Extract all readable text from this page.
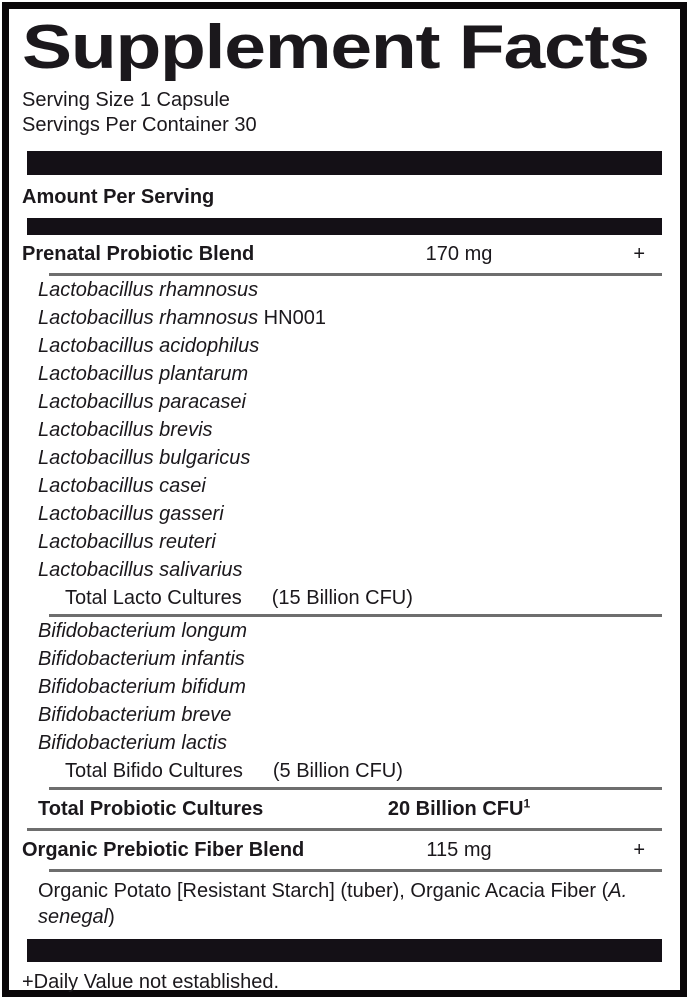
Supplement Facts
Serving Size 1 Capsule
Servings Per Container 30
Amount Per Serving
Prenatal Probiotic Blend	170 mg	+
Lactobacillus rhamnosus
Lactobacillus rhamnosus HN001
Lactobacillus acidophilus
Lactobacillus plantarum
Lactobacillus paracasei
Lactobacillus brevis
Lactobacillus bulgaricus
Lactobacillus casei
Lactobacillus gasseri
Lactobacillus reuteri
Lactobacillus salivarius
Total Lacto Cultures (15 Billion CFU)
Bifidobacterium longum
Bifidobacterium infantis
Bifidobacterium bifidum
Bifidobacterium breve
Bifidobacterium lactis
Total Bifido Cultures (5 Billion CFU)
Total Probiotic Cultures	20 Billion CFU$^1$
Organic Prebiotic Fiber Blend	115 mg	+
Organic Potato [Resistant Starch] (tuber), Organic Acacia Fiber (A. senegal)
+Daily Value not established.
